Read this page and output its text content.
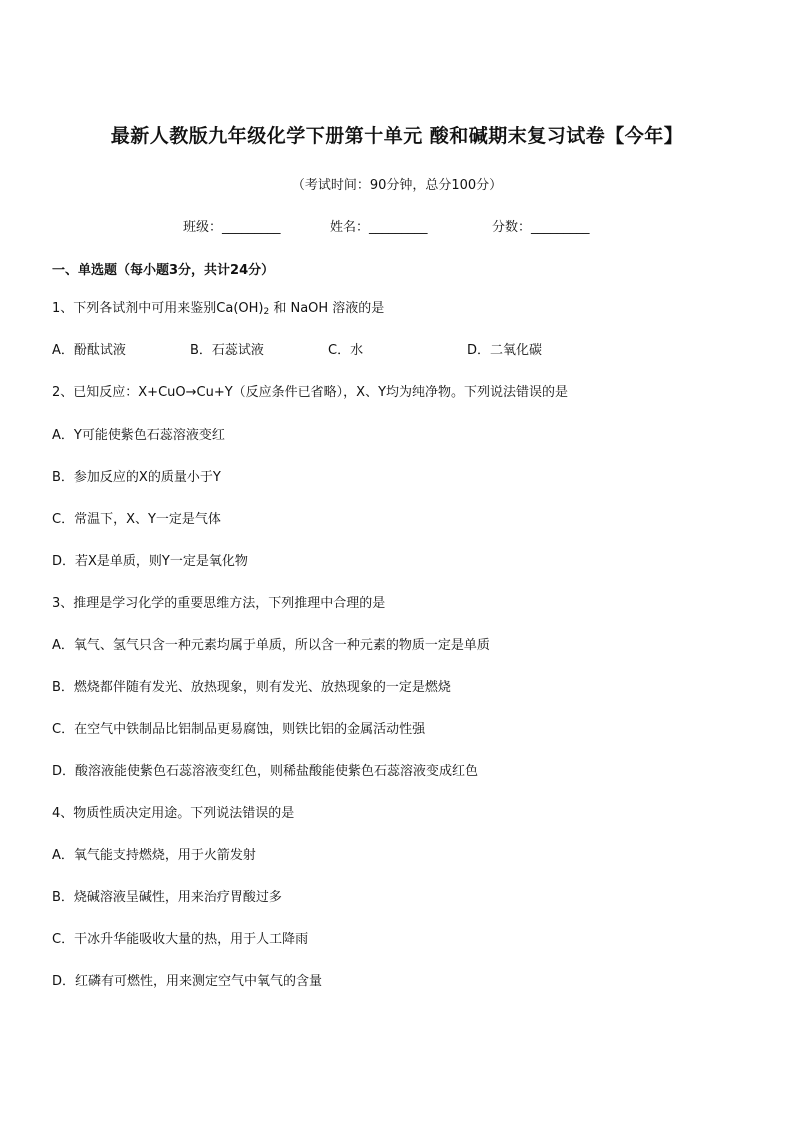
最新人教版九年级化学下册第十单元 酸和碱期末复习试卷【今年】
（考试时间：90分钟，总分100分）
班级：_________	姓名：_________	分数：_________
一、单选题（每小题3分，共计24分）
1、下列各试剂中可用来鉴别$Ca(OH)_2$ 和 NaOH 溶液的是
A．酚酞试液	B．石蕊试液	C．水	D．二氧化碳
2、已知反应：X+CuO→Cu+Y（反应条件已省略），X、Y均为纯净物。下列说法错误的是
A．Y可能使紫色石蕊溶液变红
B．参加反应的X的质量小于Y
C．常温下，X、Y一定是气体
D．若X是单质，则Y一定是氧化物
3、推理是学习化学的重要思维方法，下列推理中合理的是
A．氧气、氢气只含一种元素均属于单质，所以含一种元素的物质一定是单质
B．燃烧都伴随有发光、放热现象，则有发光、放热现象的一定是燃烧
C．在空气中铁制品比铝制品更易腐蚀，则铁比铝的金属活动性强
D．酸溶液能使紫色石蕊溶液变红色，则稀盐酸能使紫色石蕊溶液变成红色
4、物质性质决定用途。下列说法错误的是
A．氧气能支持燃烧，用于火箭发射
B．烧碱溶液呈碱性，用来治疗胃酸过多
C．干冰升华能吸收大量的热，用于人工降雨
D．红磷有可燃性，用来测定空气中氧气的含量
